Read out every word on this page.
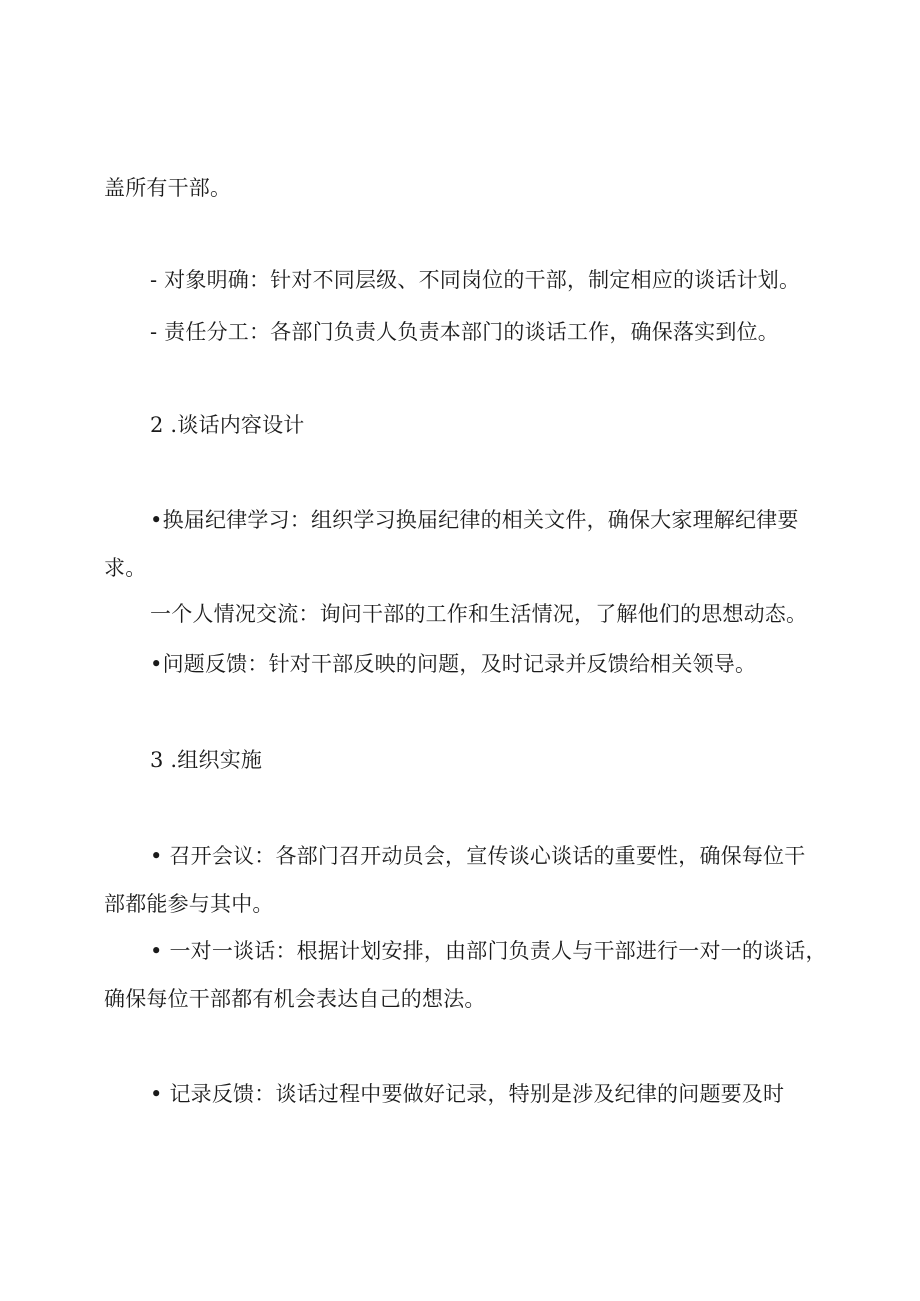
盖所有干部。
- 对象明确：针对不同层级、不同岗位的干部，制定相应的谈话计划。
- 责任分工：各部门负责人负责本部门的谈话工作，确保落实到位。
2 .谈话内容设计
•换届纪律学习：组织学习换届纪律的相关文件，确保大家理解纪律要
求。
一个人情况交流：询问干部的工作和生活情况，了解他们的思想动态。
•问题反馈：针对干部反映的问题，及时记录并反馈给相关领导。
3 .组织实施
• 召开会议：各部门召开动员会，宣传谈心谈话的重要性，确保每位干
部都能参与其中。
• 一对一谈话：根据计划安排，由部门负责人与干部进行一对一的谈话，
确保每位干部都有机会表达自己的想法。
• 记录反馈：谈话过程中要做好记录，特别是涉及纪律的问题要及时
